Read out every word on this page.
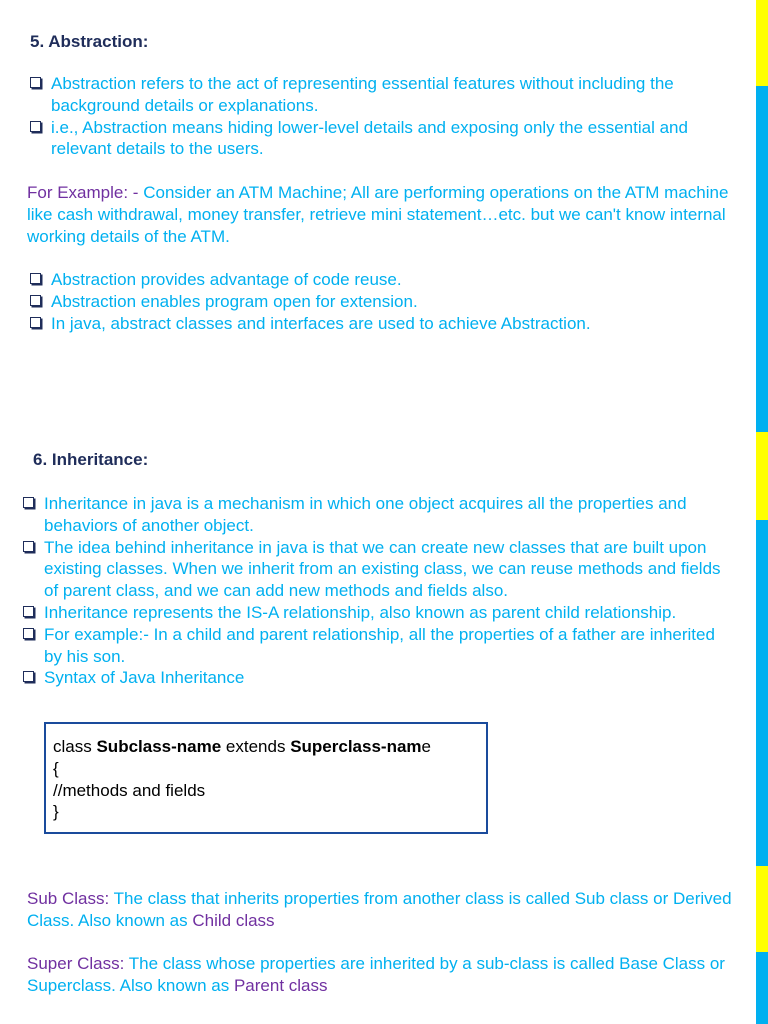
5. Abstraction:
Abstraction refers to the act of representing essential features without including the background details or explanations.
i.e., Abstraction means hiding lower-level details and exposing only the essential and relevant details to the users.

For Example: - Consider an ATM Machine; All are performing operations on the ATM machine like cash withdrawal, money transfer, retrieve mini statement…etc. but we can't know internal working details of the ATM.

Abstraction provides advantage of code reuse.
Abstraction enables program open for extension.
In java, abstract classes and interfaces are used to achieve Abstraction.
6. Inheritance:
Inheritance in java is a mechanism in which one object acquires all the properties and behaviors of another object.
The idea behind inheritance in java is that we can create new classes that are built upon existing classes. When we inherit from an existing class, we can reuse methods and fields of parent class, and we can add new methods and fields also.
Inheritance represents the IS-A relationship, also known as parent child relationship.
For example:- In a child and parent relationship, all the properties of a father are inherited by his son.
Syntax of Java Inheritance
class Subclass-name extends Superclass-name
{
//methods and fields
}

Sub Class: The class that inherits properties from another class is called Sub class or Derived Class. Also known as Child class

Super Class: The class whose properties are inherited by a sub-class is called Base Class or Superclass. Also known as Parent class
